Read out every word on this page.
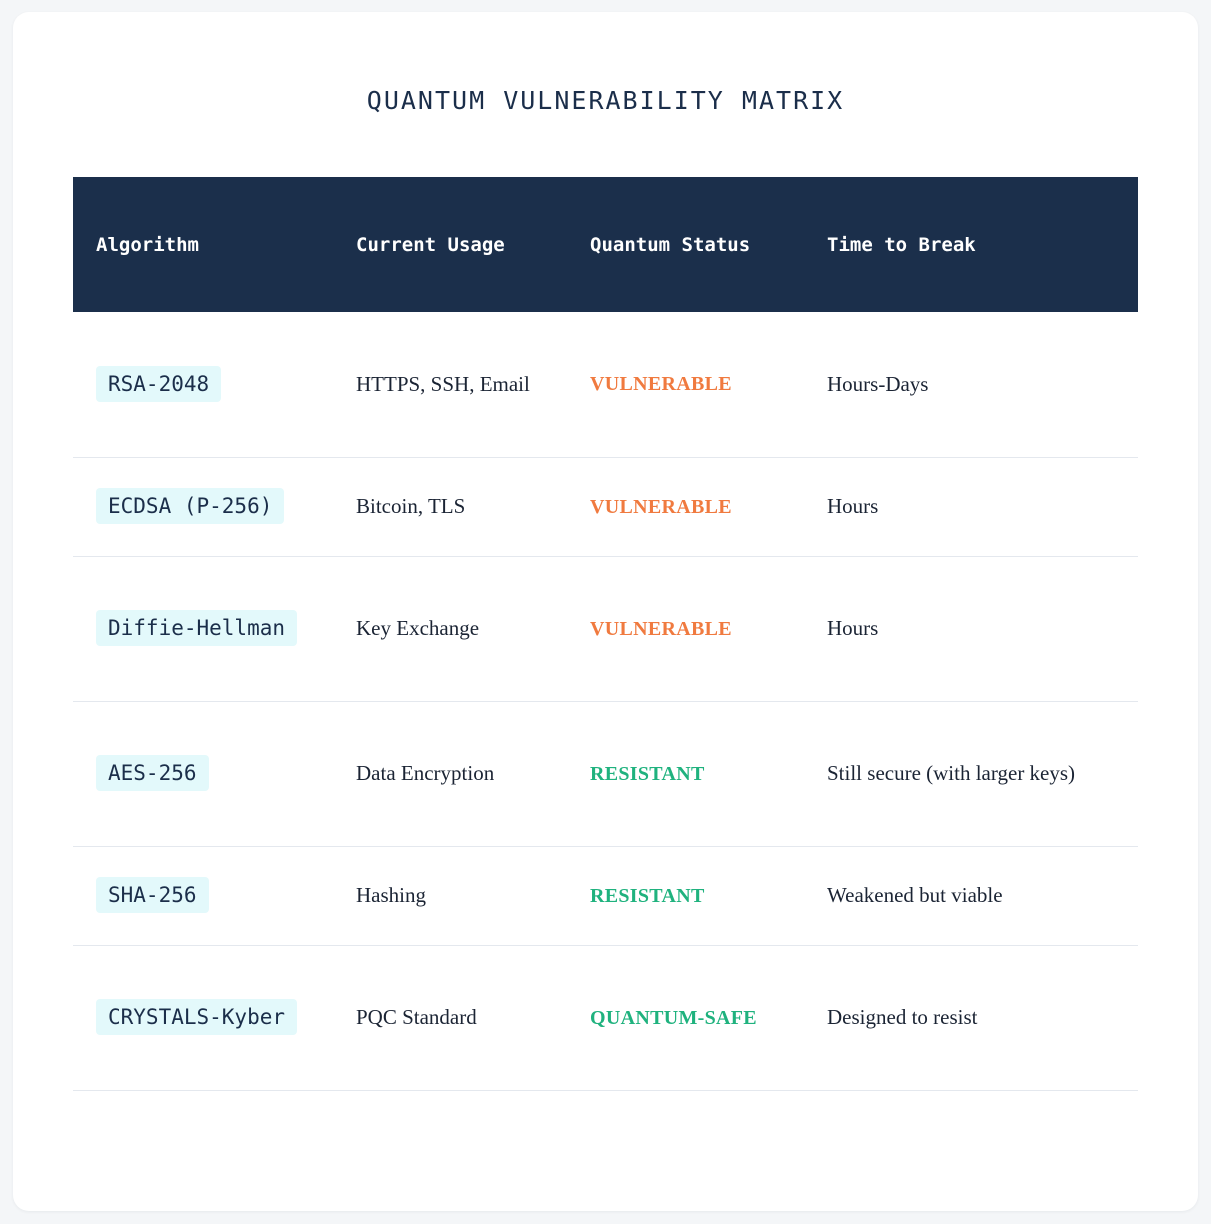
QUANTUM VULNERABILITY MATRIX
Algorithm	Current Usage	Quantum Status	Time to Break
RSA-2048	HTTPS, SSH, Email	VULNERABLE	Hours-Days
ECDSA (P-256)	Bitcoin, TLS	VULNERABLE	Hours
Diffie-Hellman	Key Exchange	VULNERABLE	Hours
AES-256	Data Encryption	RESISTANT	Still secure (with larger keys)
SHA-256	Hashing	RESISTANT	Weakened but viable
CRYSTALS-Kyber	PQC Standard	QUANTUM-SAFE	Designed to resist
